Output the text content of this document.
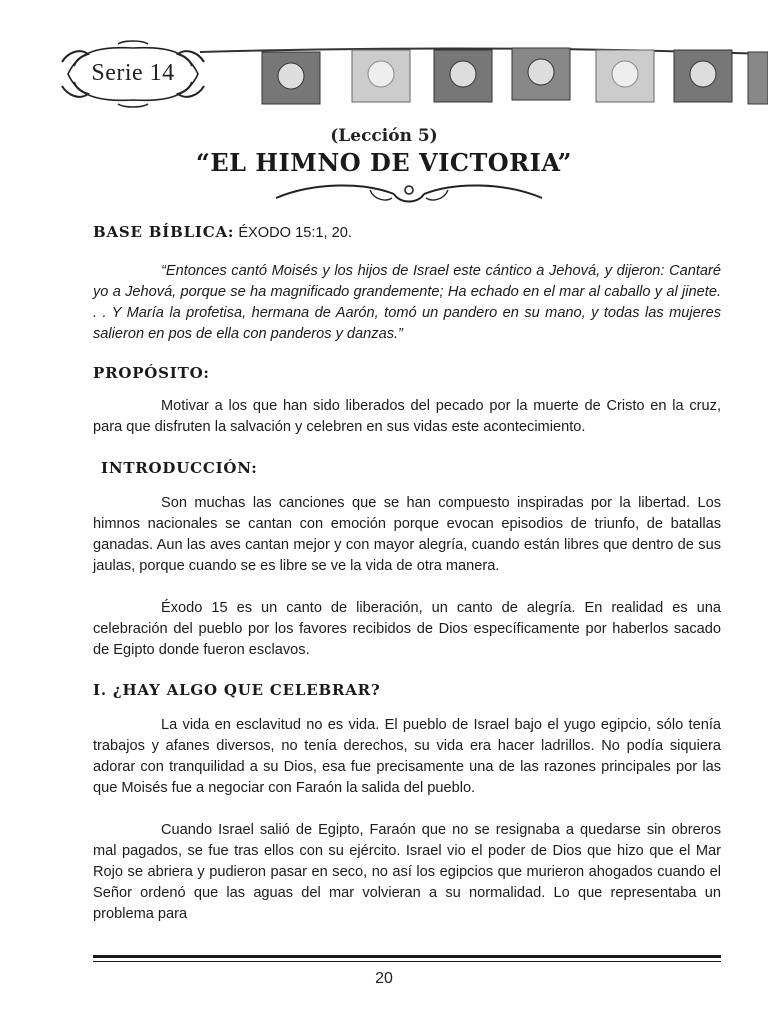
Serie 14
(Lección 5)
“EL HIMNO DE VICTORIA”
BASE BÍBLICA: ÉXODO 15:1, 20.

“Entonces cantó Moisés y los hijos de Israel este cántico a Jehová, y dijeron: Cantaré yo a Jehová, porque se ha magnificado grandemente; Ha echado en el mar al caballo y al jinete. . . Y María la profetisa, hermana de Aarón, tomó un pandero en su mano, y todas las mujeres salieron en pos de ella con panderos y danzas.”

PROPÓSITO:

Motivar a los que han sido liberados del pecado por la muerte de Cristo en la cruz, para que disfruten la salvación y celebren en sus vidas este acontecimiento.

INTRODUCCIÓN:

Son muchas las canciones que se han compuesto inspiradas por la libertad. Los himnos nacionales se cantan con emoción porque evocan episodios de triunfo, de batallas ganadas. Aun las aves cantan mejor y con mayor alegría, cuando están libres que dentro de sus jaulas, porque cuando se es libre se ve la vida de otra manera.

Éxodo 15 es un canto de liberación, un canto de alegría. En realidad es una celebración del pueblo por los favores recibidos de Dios específicamente por haberlos sacado de Egipto donde fueron esclavos.

I. ¿HAY ALGO QUE CELEBRAR?

La vida en esclavitud no es vida. El pueblo de Israel bajo el yugo egipcio, sólo tenía trabajos y afanes diversos, no tenía derechos, su vida era hacer ladrillos. No podía siquiera adorar con tranquilidad a su Dios, esa fue precisamente una de las razones principales por las que Moisés fue a negociar con Faraón la salida del pueblo.

Cuando Israel salió de Egipto, Faraón que no se resignaba a quedarse sin obreros mal pagados, se fue tras ellos con su ejército. Israel vio el poder de Dios que hizo que el Mar Rojo se abriera y pudieron pasar en seco, no así los egipcios que murieron ahogados cuando el Señor ordenó que las aguas del mar volvieran a su normalidad. Lo que representaba un problema para

20
